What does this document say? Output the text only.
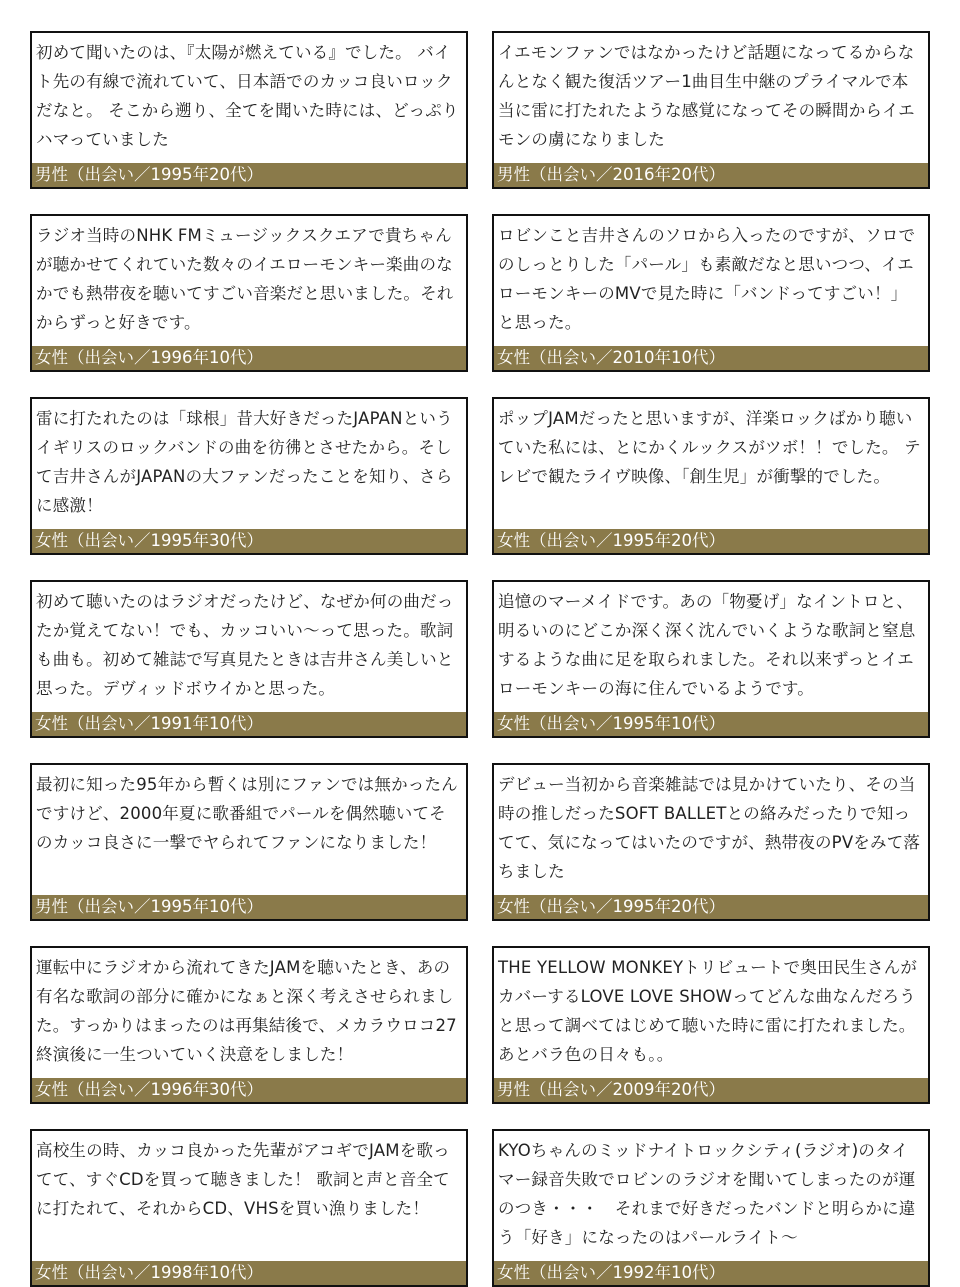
初めて聞いたのは、『太陽が燃えている』でした。 バイト先の有線で流れていて、日本語でのカッコ良いロックだなと。 そこから遡り、全てを聞いた時には、どっぷりハマっていました
男性（出会い／1995年20代）
イエモンファンではなかったけど話題になってるからなんとなく観た復活ツアー1曲目生中継のプライマルで本当に雷に打たれたような感覚になってその瞬間からイエモンの虜になりました
男性（出会い／2016年20代）
ラジオ当時のNHK FMミュージックスクエアで貴ちゃんが聴かせてくれていた数々のイエローモンキー楽曲のなかでも熱帯夜を聴いてすごい音楽だと思いました。それからずっと好きです。
女性（出会い／1996年10代）
ロビンこと吉井さんのソロから入ったのですが、ソロでのしっとりした「パール」も素敵だなと思いつつ、イエローモンキーのMVで見た時に「バンドってすごい！」と思った。
女性（出会い／2010年10代）
雷に打たれたのは「球根」昔大好きだったJAPANというイギリスのロックバンドの曲を彷彿とさせたから。そして吉井さんがJAPANの大ファンだったことを知り、さらに感激！
女性（出会い／1995年30代）
ポップJAMだったと思いますが、洋楽ロックばかり聴いていた私には、とにかくルックスがツボ！！でした。 テレビで観たライヴ映像、「創生児」が衝撃的でした。
女性（出会い／1995年20代）
初めて聴いたのはラジオだったけど、なぜか何の曲だったか覚えてない！でも、カッコいい〜って思った。歌詞も曲も。初めて雑誌で写真見たときは吉井さん美しいと思った。デヴィッドボウイかと思った。
女性（出会い／1991年10代）
追憶のマーメイドです。あの「物憂げ」なイントロと、明るいのにどこか深く深く沈んでいくような歌詞と窒息するような曲に足を取られました。それ以来ずっとイエローモンキーの海に住んでいるようです。
女性（出会い／1995年10代）
最初に知った95年から暫くは別にファンでは無かったんですけど、2000年夏に歌番組でパールを偶然聴いてそのカッコ良さに一撃でヤられてファンになりました！
男性（出会い／1995年10代）
デビュー当初から音楽雑誌では見かけていたり、その当時の推しだったSOFT BALLETとの絡みだったりで知ってて、気になってはいたのですが、熱帯夜のPVをみて落ちました
女性（出会い／1995年20代）
運転中にラジオから流れてきたJAMを聴いたとき、あの有名な歌詞の部分に確かになぁと深く考えさせられました。すっかりはまったのは再集結後で、メカラウロコ27終演後に一生ついていく決意をしました！
女性（出会い／1996年30代）
THE YELLOW MONKEYトリビュートで奥田民生さんがカバーするLOVE LOVE SHOWってどんな曲なんだろうと思って調べてはじめて聴いた時に雷に打たれました。あとバラ色の日々も。。
男性（出会い／2009年20代）
高校生の時、カッコ良かった先輩がアコギでJAMを歌ってて、すぐCDを買って聴きました！ 歌詞と声と音全てに打たれて、それからCD、VHSを買い漁りました！
女性（出会い／1998年10代）
KYOちゃんのミッドナイトロックシティ(ラジオ)のタイマー録音失敗でロビンのラジオを聞いてしまったのが運のつき・・・　それまで好きだったバンドと明らかに違う「好き」になったのはパールライト〜
女性（出会い／1992年10代）
